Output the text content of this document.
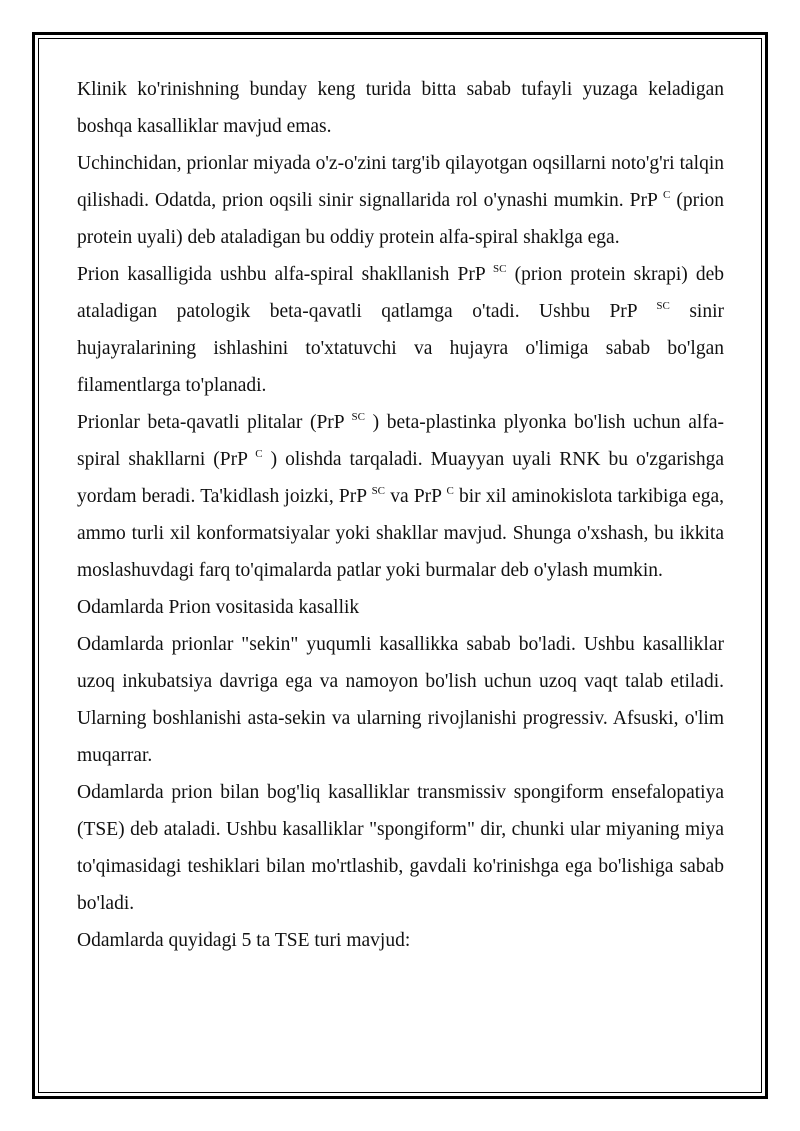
Klinik ko'rinishning bunday keng turida bitta sabab tufayli yuzaga keladigan boshqa kasalliklar mavjud emas.

Uchinchidan, prionlar miyada o'z-o'zini targ'ib qilayotgan oqsillarni noto'g'ri talqin qilishadi. Odatda, prion oqsili sinir signallarida rol o'ynashi mumkin. PrP $^C$ (prion protein uyali) deb ataladigan bu oddiy protein alfa-spiral shaklga ega.

Prion kasalligida ushbu alfa-spiral shakllanish PrP $^{SC}$ (prion protein skrapi) deb ataladigan patologik beta-qavatli qatlamga o'tadi. Ushbu PrP $^{SC}$ sinir hujayralarining ishlashini to'xtatuvchi va hujayra o'limiga sabab bo'lgan filamentlarga to'planadi.

Prionlar beta-qavatli plitalar (PrP $^{SC}$ ) beta-plastinka plyonka bo'lish uchun alfa-spiral shakllarni (PrP $^C$ ) olishda tarqaladi. Muayyan uyali RNK bu o'zgarishga yordam beradi. Ta'kidlash joizki, PrP $^{SC}$ va PrP $^C$ bir xil aminokislota tarkibiga ega, ammo turli xil konformatsiyalar yoki shakllar mavjud. Shunga o'xshash, bu ikkita moslashuvdagi farq to'qimalarda patlar yoki burmalar deb o'ylash mumkin.

Odamlarda Prion vositasida kasallik

Odamlarda prionlar "sekin" yuqumli kasallikka sabab bo'ladi. Ushbu kasalliklar uzoq inkubatsiya davriga ega va namoyon bo'lish uchun uzoq vaqt talab etiladi. Ularning boshlanishi asta-sekin va ularning rivojlanishi progressiv. Afsuski, o'lim muqarrar.

Odamlarda prion bilan bog'liq kasalliklar transmissiv spongiform ensefalopatiya (TSE) deb ataladi. Ushbu kasalliklar "spongiform" dir, chunki ular miyaning miya to'qimasidagi teshiklari bilan mo'rtlashib, gavdali ko'rinishga ega bo'lishiga sabab bo'ladi.

Odamlarda quyidagi 5 ta TSE turi mavjud:
